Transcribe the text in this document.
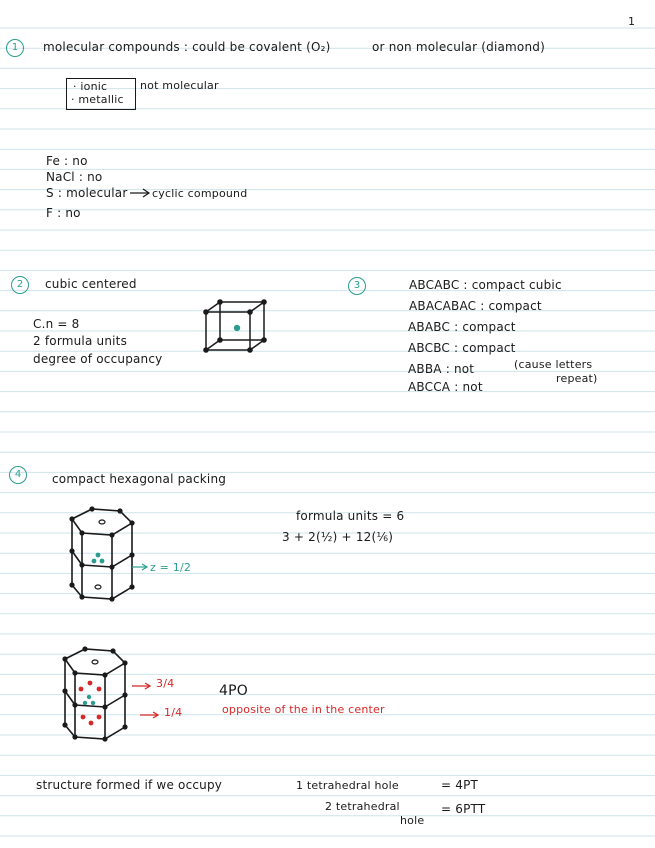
1
1	molecular compounds : could be covalent (O₂)	or non molecular (diamond)
· ionic
· metallic
not molecular
Fe : no
NaCl : no
S : molecular cyclic compound
F : no
2	cubic centered
C.n = 8
2 formula units
degree of occupancy
3	ABCABC : compact cubic
ABACABAC : compact
ABABC : compact
ABCBC : compact
ABBA : not	(cause letters
repeat)
ABCCA : not
4	compact hexagonal packing
z = 1/2
formula units = 6
3 + 2(½) + 12(⅙)
3/4
1/4
4PO
opposite of the in the center
structure formed if we occupy	1 tetrahedral hole	= 4PT
2 tetrahedral
hole
= 6PTT
